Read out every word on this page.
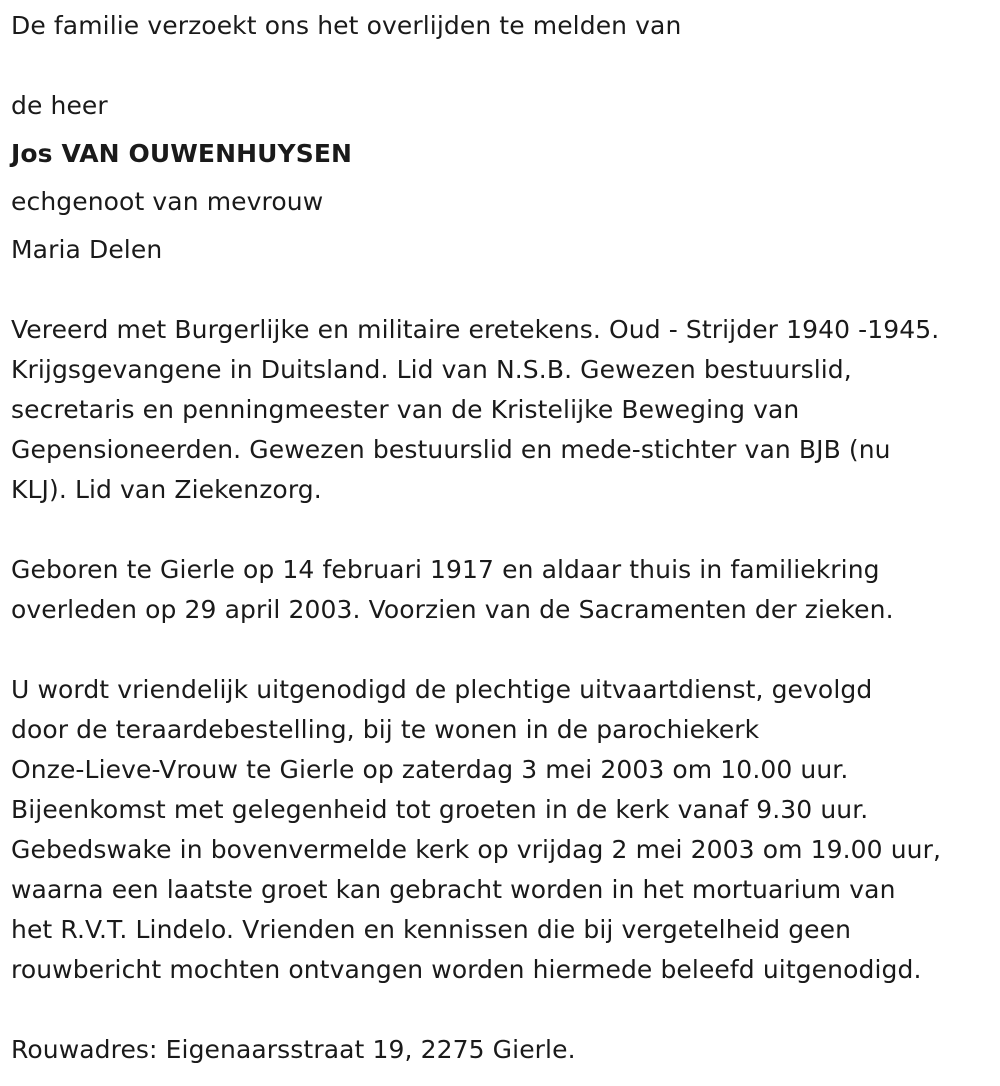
De familie verzoekt ons het overlijden te melden van
de heer
Jos VAN OUWENHUYSEN
echgenoot van mevrouw
Maria Delen
Vereerd met Burgerlijke en militaire eretekens. Oud - Strijder 1940 -1945.
Krijgsgevangene in Duitsland. Lid van N.S.B. Gewezen bestuurslid,
secretaris en penningmeester van de Kristelijke Beweging van
Gepensioneerden. Gewezen bestuurslid en mede-stichter van BJB (nu
KLJ). Lid van Ziekenzorg.
Geboren te Gierle op 14 februari 1917 en aldaar thuis in familiekring
overleden op 29 april 2003. Voorzien van de Sacramenten der zieken.
U wordt vriendelijk uitgenodigd de plechtige uitvaartdienst, gevolgd
door de teraardebestelling, bij te wonen in de parochiekerk
Onze-Lieve-Vrouw te Gierle op zaterdag 3 mei 2003 om 10.00 uur.
Bijeenkomst met gelegenheid tot groeten in de kerk vanaf 9.30 uur.
Gebedswake in bovenvermelde kerk op vrijdag 2 mei 2003 om 19.00 uur,
waarna een laatste groet kan gebracht worden in het mortuarium van
het R.V.T. Lindelo. Vrienden en kennissen die bij vergetelheid geen
rouwbericht mochten ontvangen worden hiermede beleefd uitgenodigd.
Rouwadres: Eigenaarsstraat 19, 2275 Gierle.
